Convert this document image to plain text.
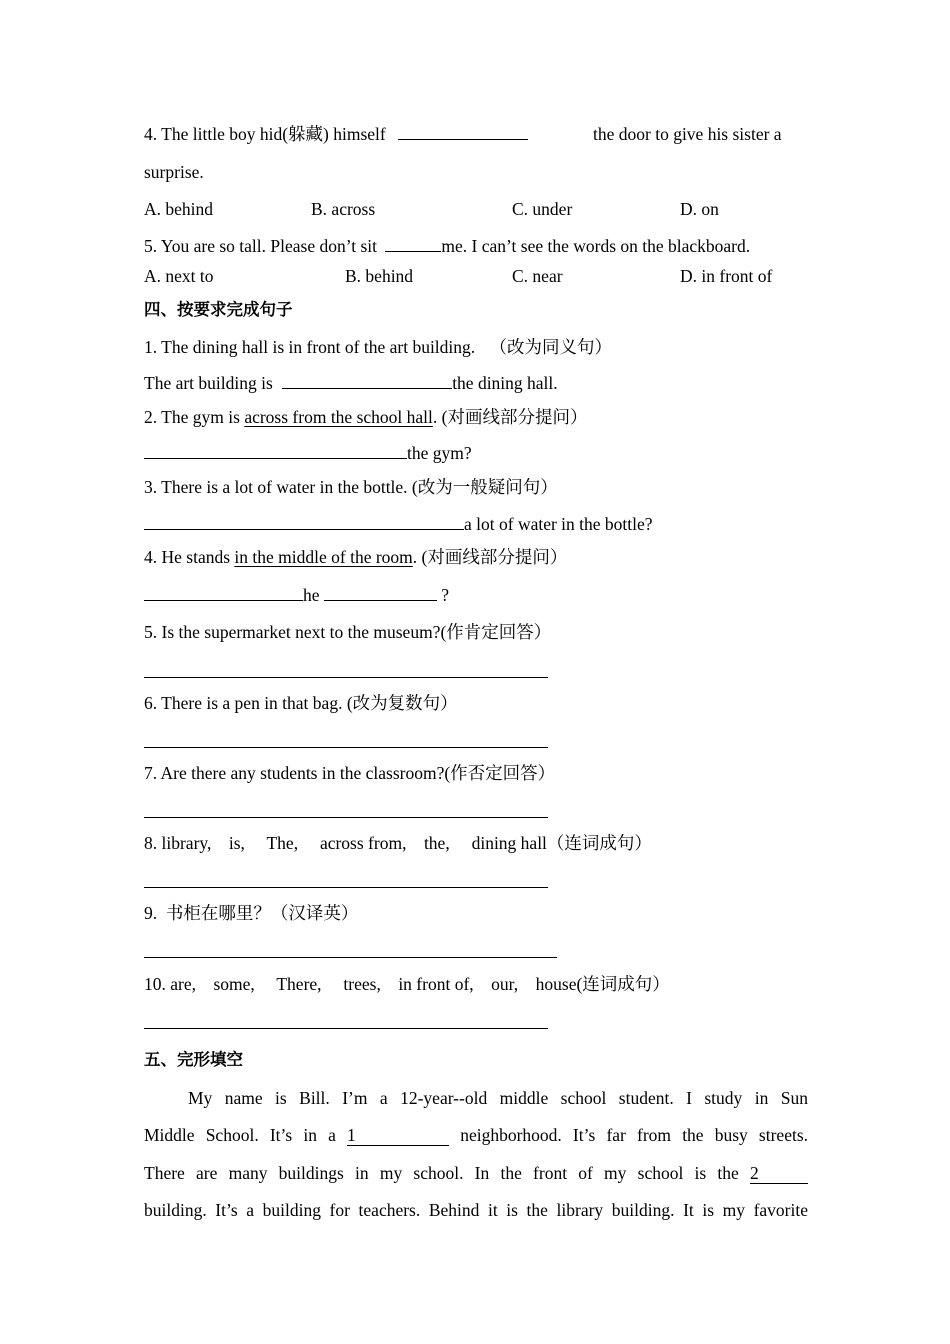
4. The little boy hid(躲藏) himself	the door to give his sister a
surprise.
A. behind	B. across	C. under	D. on
5. You are so tall. Please don’t sit	me. I can’t see the words on the blackboard.
A. next to	B. behind	C. near	D. in front of
四、按要求完成句子
1. The dining hall is in front of the art building. （改为同义句）
The art building is	the dining hall.
2. The gym is across from the school hall. (对画线部分提问）
the gym?
3. There is a lot of water in the bottle. (改为一般疑问句）
a lot of water in the bottle?
4. He stands in the middle of the room. (对画线部分提问）
he	?
5. Is the supermarket next to the museum?(作肯定回答）
6. There is a pen in that bag. (改为复数句）
7. Are there any students in the classroom?(作否定回答）
8. library,    is,     The,     across from,    the,     dining hall（连词成句）
9.  书柜在哪里？（汉译英）
10. are,    some,     There,     trees,    in front of,    our,    house(连词成句）
五、完形填空
My name is Bill. I’m a 12-year--old middle school student. I study in Sun
Middle School. It’s in a 1	neighborhood. It’s far from the busy streets.
There are many buildings in my school. In the front of my school is the 2
building. It’s a building for teachers. Behind it is the library building. It is my favorite
